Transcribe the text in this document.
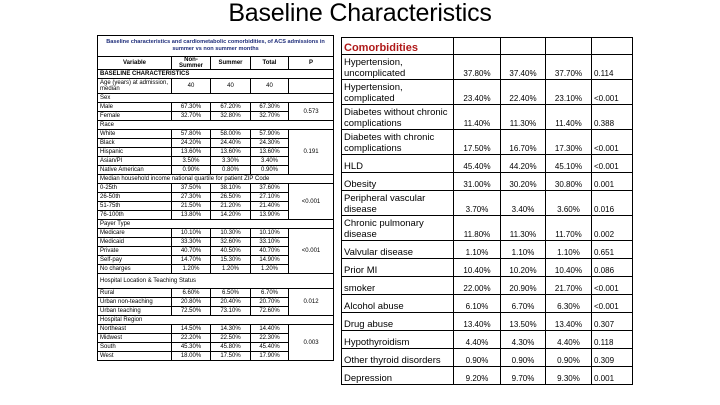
Baseline Characteristics
Baseline characteristics and cardiometabolic comorbidities, of ACS admissions in summer vs non summer months				
Variable	Non-Summer	Summer	Total	P
BASELINE CHARACTERISTICS				
Age (years) at admission, median	40	40	40	
Sex				
Male	67.30%	67.20%	67.30%	0.573
Female	32.70%	32.80%	32.70%	
Race				
White	57.80%	58.00%	57.90%	0.191
Black	24.20%	24.40%	24.30%	
Hispanic	13.60%	13.60%	13.60%	
Asian/PI	3.50%	3.30%	3.40%	
Native American	0.90%	0.80%	0.90%	
Median household income national quartile for patient ZIP Code				
0-25th	37.50%	38.10%	37.60%	<0.001
26-50th	27.30%	26.50%	27.10%	
51-75th	21.50%	21.20%	21.40%	
76-100th	13.80%	14.20%	13.90%	
Payer Type				
Medicare	10.10%	10.30%	10.10%	<0.001
Medicaid	33.30%	32.60%	33.10%	
Private	40.70%	40.50%	40.70%	
Self-pay	14.70%	15.30%	14.90%	
No charges	1.20%	1.20%	1.20%	
Hospital Location & Teaching Status				
Rural	6.60%	6.50%	6.70%	0.012
Urban non-teaching	20.80%	20.40%	20.70%	
Urban teaching	72.50%	73.10%	72.60%	
Hospital Region				
Northeast	14.50%	14.30%	14.40%	0.003
Midwest	22.20%	22.50%	22.30%	
South	45.30%	45.80%	45.40%	
West	18.00%	17.50%	17.90%	
Comorbidities				
Hypertension, uncomplicated	37.80%	37.40%	37.70%	0.114
Hypertension, complicated	23.40%	22.40%	23.10%	<0.001
Diabetes without chronic complications	11.40%	11.30%	11.40%	0.388
Diabetes with chronic complications	17.50%	16.70%	17.30%	<0.001
HLD	45.40%	44.20%	45.10%	<0.001
Obesity	31.00%	30.20%	30.80%	0.001
Peripheral vascular disease	3.70%	3.40%	3.60%	0.016
Chronic pulmonary disease	11.80%	11.30%	11.70%	0.002
Valvular disease	1.10%	1.10%	1.10%	0.651
Prior MI	10.40%	10.20%	10.40%	0.086
smoker	22.00%	20.90%	21.70%	<0.001
Alcohol abuse	6.10%	6.70%	6.30%	<0.001
Drug abuse	13.40%	13.50%	13.40%	0.307
Hypothyroidism	4.40%	4.30%	4.40%	0.118
Other thyroid disorders	0.90%	0.90%	0.90%	0.309
Depression	9.20%	9.70%	9.30%	0.001
